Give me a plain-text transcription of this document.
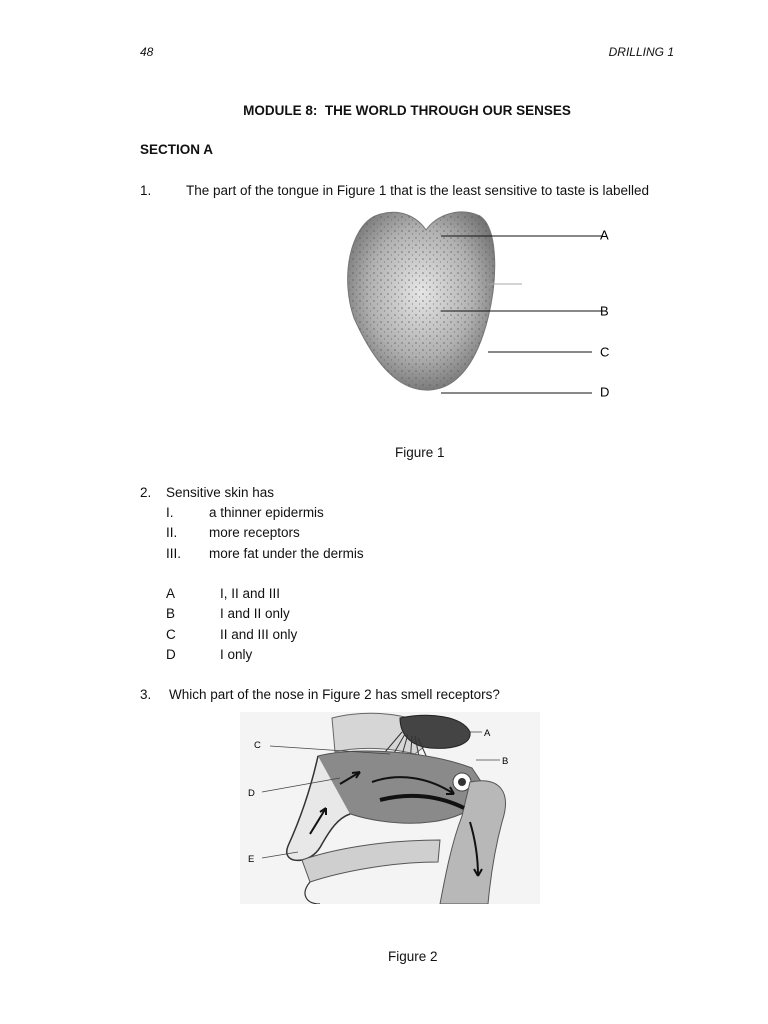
48	DRILLING 1
MODULE 8:  THE WORLD THROUGH OUR SENSES
SECTION A
1.	The part of the tongue in Figure 1 that is the least sensitive to taste is labelled
A
B
C
D
Figure 1
2. Sensitive skin has
I.	a thinner epidermis
II. more receptors
III. more fat under the dermis
A	I, II and III
B	I and II only
C	II and III only
D	I only
3. Which part of the nose in Figure 2 has smell receptors?
A
B
C
D
E
Figure 2
